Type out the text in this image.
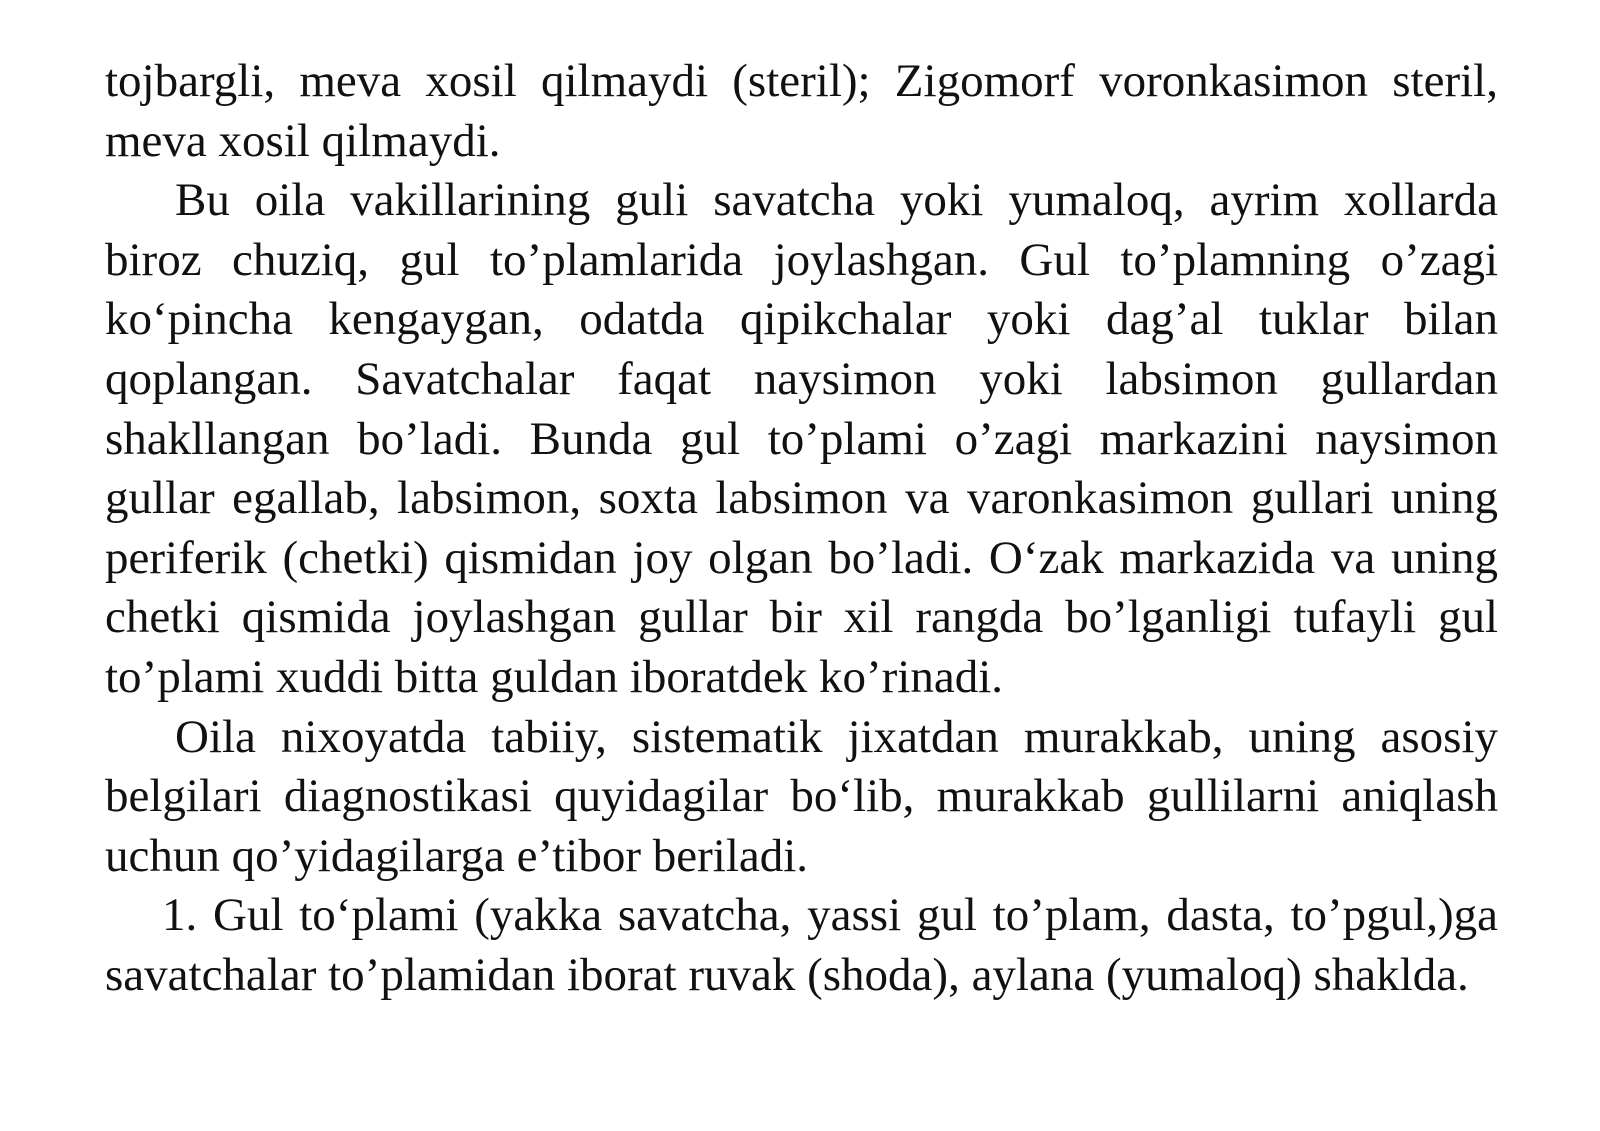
tojbargli, meva xosil qilmaydi (steril); Zigomorf voronkasimon steril, meva xosil qilmaydi.

Bu oila vakillarining guli savatcha yoki yumaloq, ayrim xollarda biroz chuziq, gul to’plamlarida joylashgan. Gul to’plamning o’zagi ko‘pincha kengaygan, odatda qipikchalar yoki dag’al tuklar bilan qoplangan. Savatchalar faqat naysimon yoki labsimon gullardan shakllangan bo’ladi. Bunda gul to’plami o’zagi markazini naysimon gullar egallab, labsimon, soxta labsimon va varonkasimon gullari uning periferik (chetki) qismidan joy olgan bo’ladi. O‘zak markazida va uning chetki qismida joylashgan gullar bir xil rangda bo’lganligi tufayli gul to’plami xuddi bitta guldan iboratdek ko’rinadi.

Oila nixoyatda tabiiy, sistematik jixatdan murakkab, uning asosiy belgilari diagnostikasi quyidagilar bo‘lib, murakkab gullilarni aniqlash uchun qo’yidagilarga e’tibor beriladi.

1. Gul to‘plami (yakka savatcha, yassi gul to’plam, dasta, to’pgul,)ga savatchalar to’plamidan iborat ruvak (shoda), aylana (yumaloq) shaklda.
